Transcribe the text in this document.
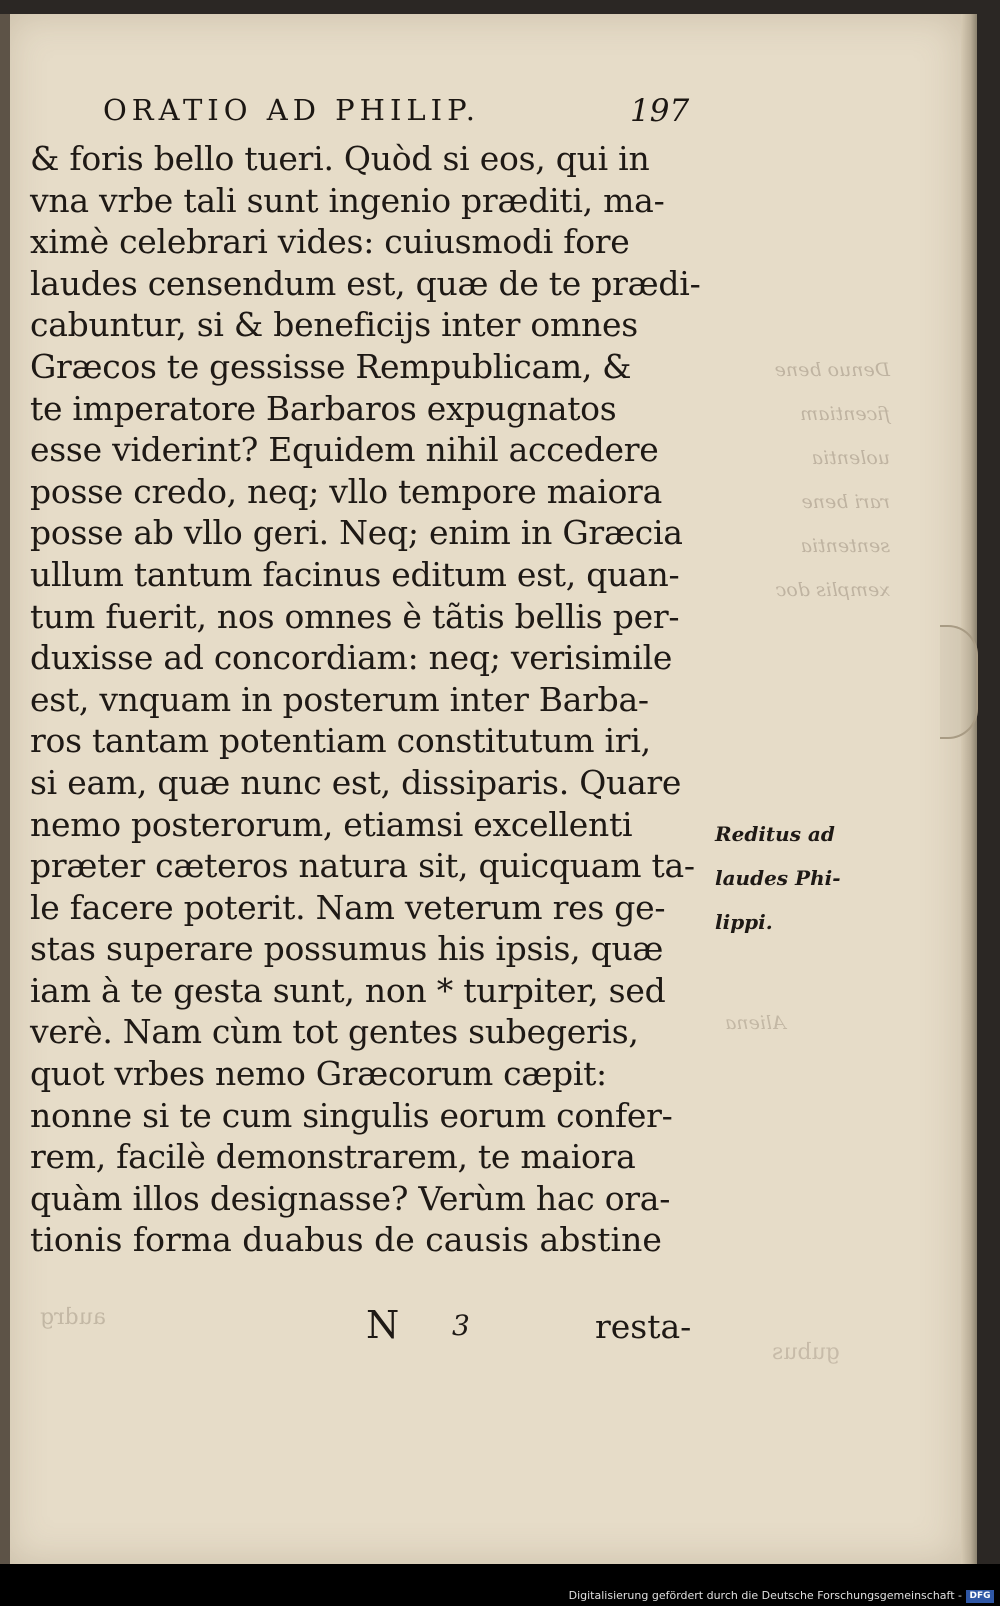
Denuo bene
ficentiam
uolentia
rari bene
sententia
xemplis doc
Aliena
audrg
gubus
ORATIO AD PHILIP.	197
& foris bello tueri. Quòd si eos, qui in
vna vrbe tali sunt ingenio præditi, ma-
ximè celebrari vides: cuiusmodi fore
laudes censendum est, quæ de te prædi-
cabuntur, si & beneficijs inter omnes
Græcos te gessisse Rempublicam, &
te imperatore Barbaros expugnatos
esse viderint? Equidem nihil accedere
posse credo, neq; vllo tempore maiora
posse ab vllo geri. Neq; enim in Græcia
ullum tantum facinus editum est, quan-
tum fuerit, nos omnes è tãtis bellis per-
duxisse ad concordiam: neq; verisimile
est, vnquam in posterum inter Barba-
ros tantam potentiam constitutum iri,
si eam, quæ nunc est, dissiparis. Quare
nemo posterorum, etiamsi excellenti
præter cæteros natura sit, quicquam ta-
le facere poterit. Nam veterum res ge-
stas superare possumus his ipsis, quæ
iam à te gesta sunt, non * turpiter, sed
verè. Nam cùm tot gentes subegeris,
quot vrbes nemo Græcorum cæpit:
nonne si te cum singulis eorum confer-
rem, facilè demonstrarem, te maiora
quàm illos designasse? Verùm hac ora-
tionis forma duabus de causis abstine
Reditus ad
laudes Phi-
lippi.
N 3	resta-
Digitalisierung gefördert durch die Deutsche Forschungsgemeinschaft - DFG
